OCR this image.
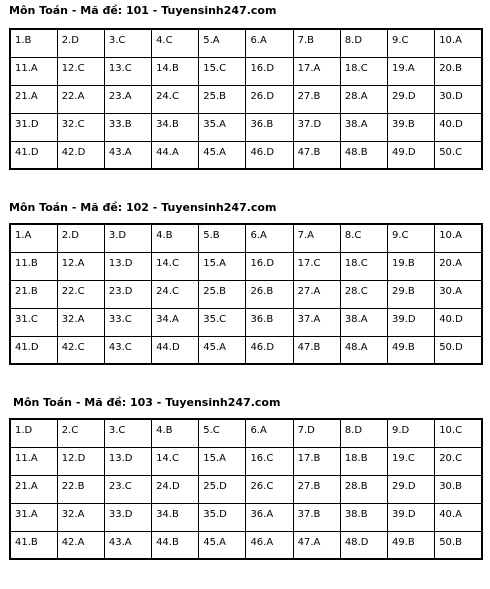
Môn Toán - Mã đề: 101 - Tuyensinh247.com
1.B	2.D	3.C	4.C	5.A	6.A	7.B	8.D	9.C	10.A
11.A	12.C	13.C	14.B	15.C	16.D	17.A	18.C	19.A	20.B
21.A	22.A	23.A	24.C	25.B	26.D	27.B	28.A	29.D	30.D
31.D	32.C	33.B	34.B	35.A	36.B	37.D	38.A	39.B	40.D
41.D	42.D	43.A	44.A	45.A	46.D	47.B	48.B	49.D	50.C
Môn Toán - Mã đề: 102 - Tuyensinh247.com
1.A	2.D	3.D	4.B	5.B	6.A	7.A	8.C	9.C	10.A
11.B	12.A	13.D	14.C	15.A	16.D	17.C	18.C	19.B	20.A
21.B	22.C	23.D	24.C	25.B	26.B	27.A	28.C	29.B	30.A
31.C	32.A	33.C	34.A	35.C	36.B	37.A	38.A	39.D	40.D
41.D	42.C	43.C	44.D	45.A	46.D	47.B	48.A	49.B	50.D
Môn Toán - Mã đề: 103 - Tuyensinh247.com
1.D	2.C	3.C	4.B	5.C	6.A	7.D	8.D	9.D	10.C
11.A	12.D	13.D	14.C	15.A	16.C	17.B	18.B	19.C	20.C
21.A	22.B	23.C	24.D	25.D	26.C	27.B	28.B	29.D	30.B
31.A	32.A	33.D	34.B	35.D	36.A	37.B	38.B	39.D	40.A
41.B	42.A	43.A	44.B	45.A	46.A	47.A	48.D	49.B	50.B
